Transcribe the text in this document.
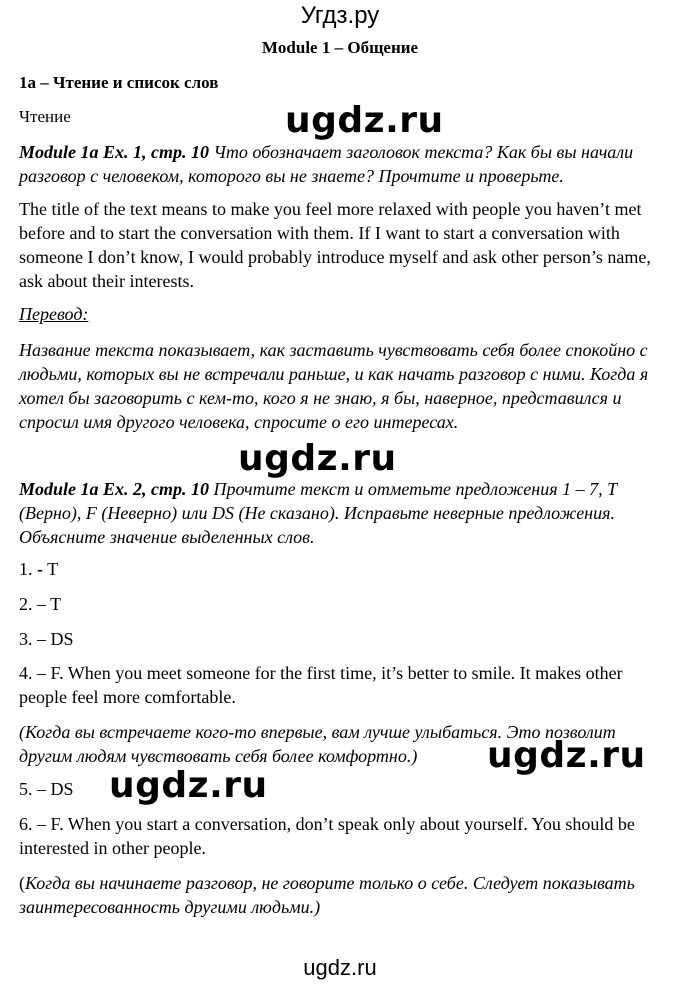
Угдз.ру
Module 1 – Общение
1a – Чтение и список слов
Чтение	ugdz.ru

Module 1a Ex. 1, стр. 10 Что обозначает заголовок текста? Как бы вы начали разговор с человеком, которого вы не знаете? Прочтите и проверьте.

The title of the text means to make you feel more relaxed with people you haven’t met before and to start the conversation with them. If I want to start a conversation with someone I don’t know, I would probably introduce myself and ask other person’s name, ask about their interests.

Перевод:

Название текста показывает, как заставить чувствовать себя более спокойно с людьми, которых вы не встречали раньше, и как начать разговор с ними. Когда я хотел бы заговорить с кем-то, кого я не знаю, я бы, наверное, представился и спросил имя другого человека, спросите о его интересах.

ugdz.ru

Module 1a Ex. 2, стр. 10 Прочтите текст и отметьте предложения 1 – 7, T (Верно), F (Неверно) или DS (Не сказано). Исправьте неверные предложения. Объясните значение выделенных слов.

1. - T

2. – T

3. – DS

4. – F. When you meet someone for the first time, it’s better to smile. It makes other people feel more comfortable.

(Когда вы встречаете кого-то впервые, вам лучше улыбаться. Это позволит другим людям чувствовать себя более комфортно.)	ugdz.ru
ugdz.ru

5. – DS

6. – F. When you start a conversation, don’t speak only about yourself. You should be interested in other people.

(Когда вы начинаете разговор, не говорите только о себе. Следует показывать заинтересованность другими людьми.)

ugdz.ru
